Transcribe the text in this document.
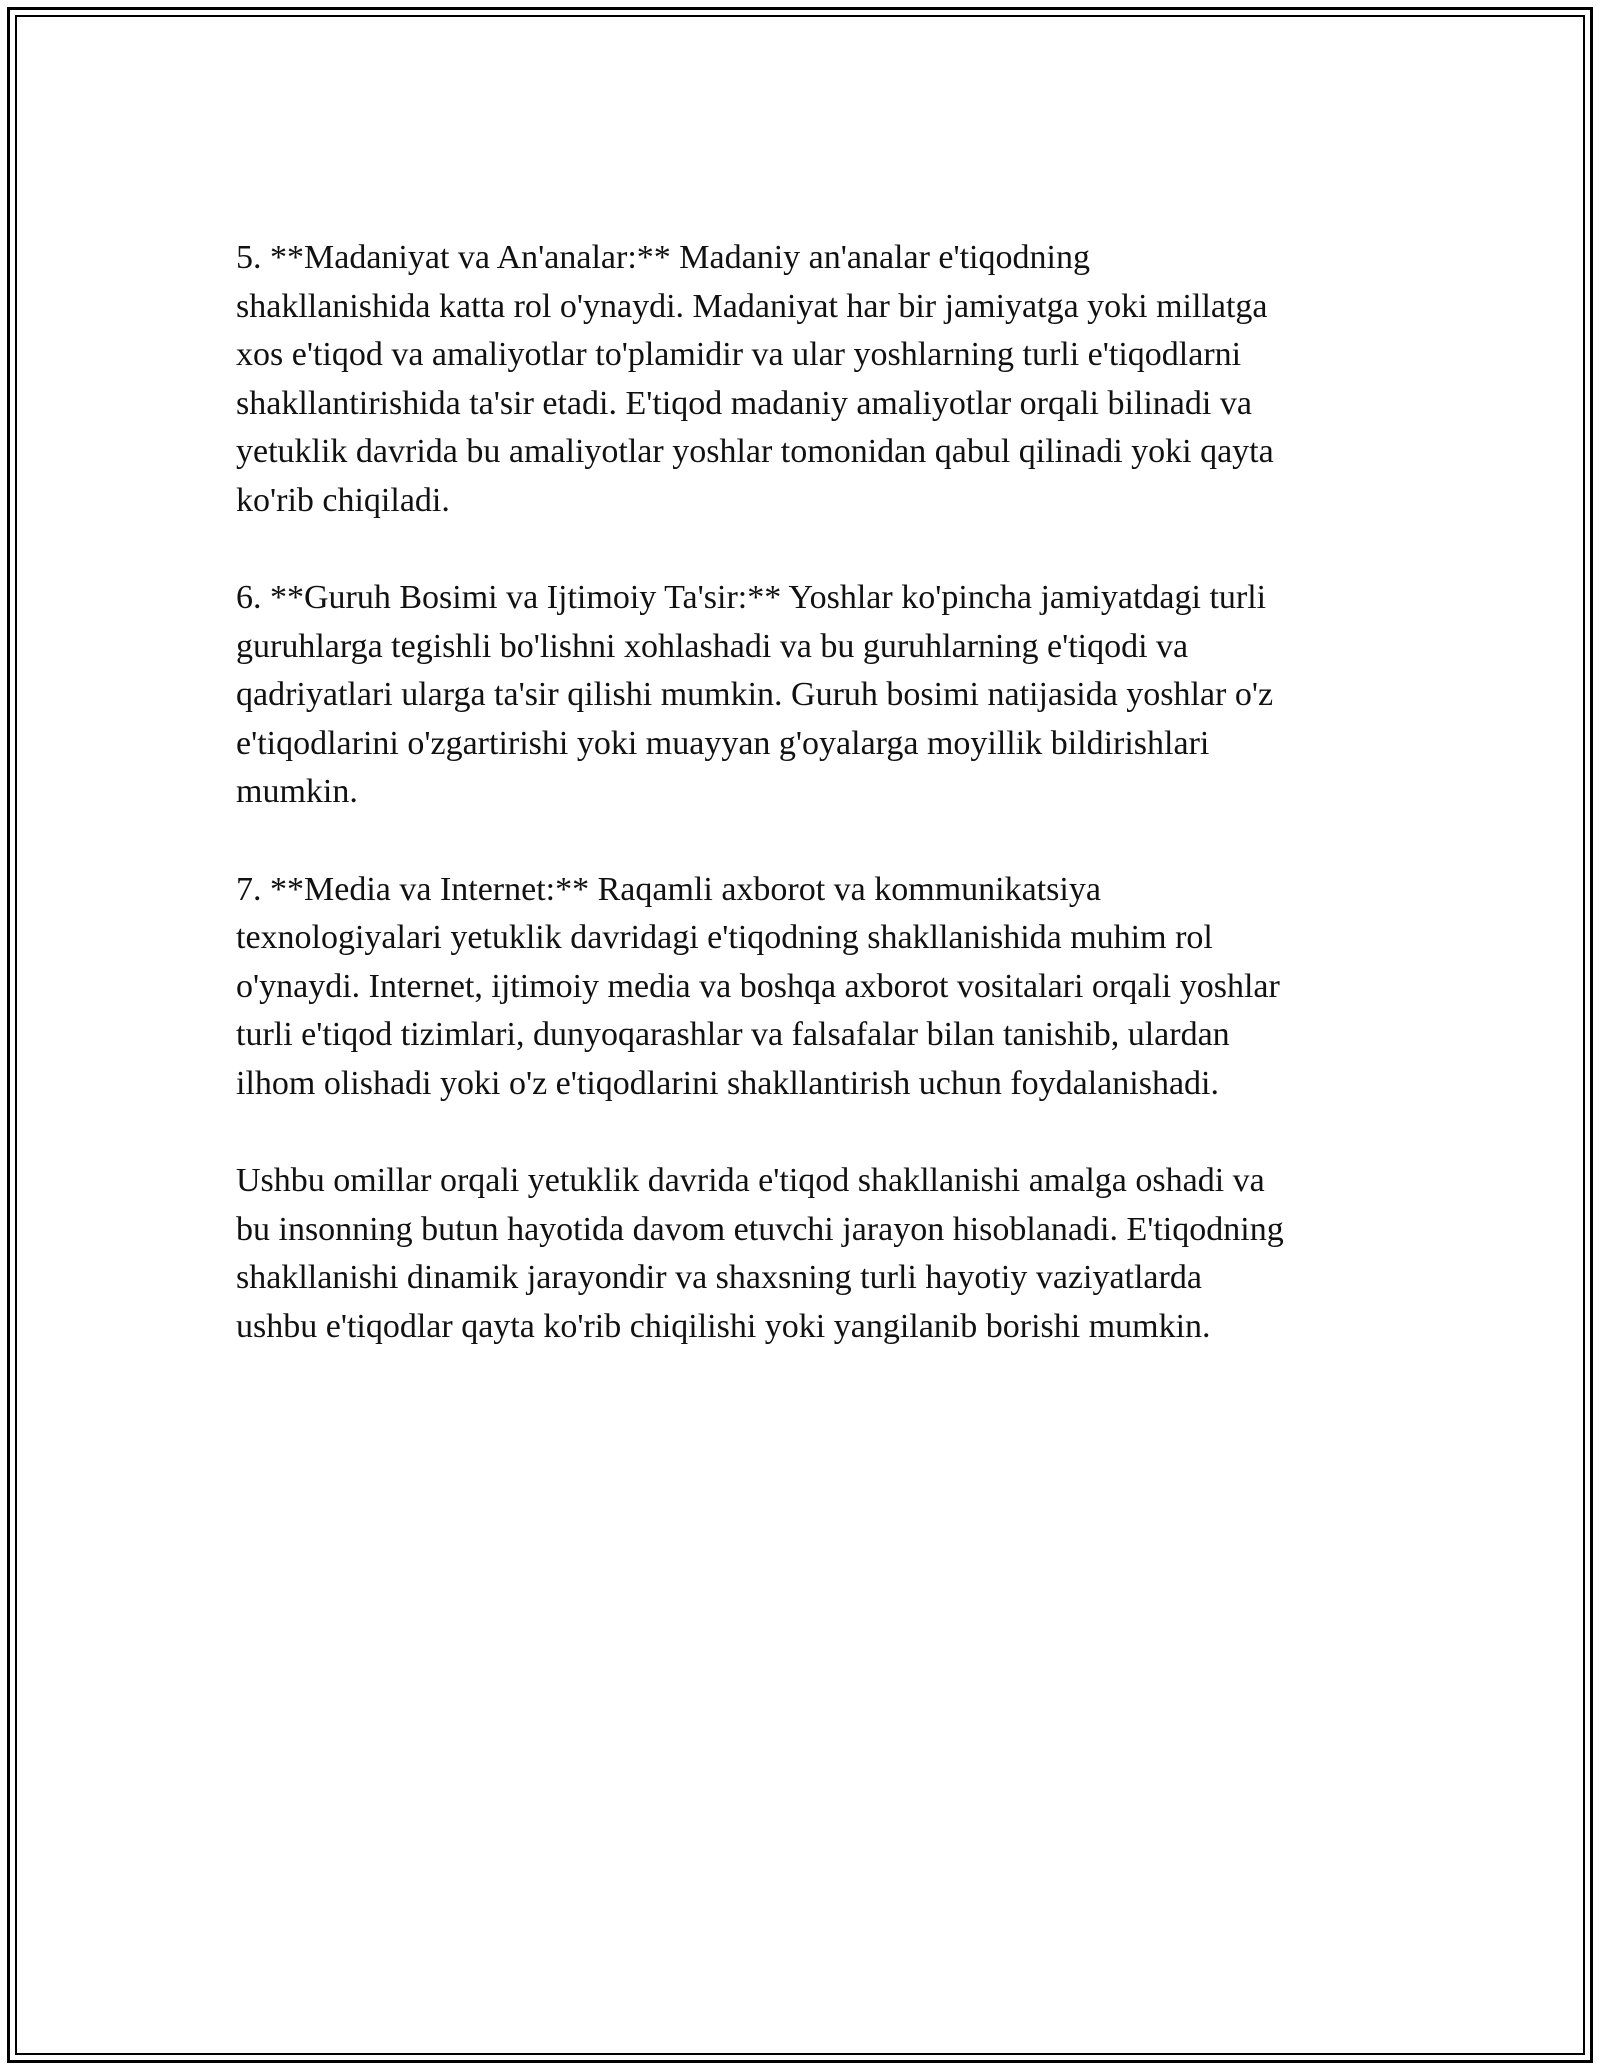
5. **Madaniyat va An'analar:** Madaniy an'analar e'tiqodning
shakllanishida katta rol o'ynaydi. Madaniyat har bir jamiyatga yoki millatga
xos e'tiqod va amaliyotlar to'plamidir va ular yoshlarning turli e'tiqodlarni
shakllantirishida ta'sir etadi. E'tiqod madaniy amaliyotlar orqali bilinadi va
yetuklik davrida bu amaliyotlar yoshlar tomonidan qabul qilinadi yoki qayta
ko'rib chiqiladi.

6. **Guruh Bosimi va Ijtimoiy Ta'sir:** Yoshlar ko'pincha jamiyatdagi turli
guruhlarga tegishli bo'lishni xohlashadi va bu guruhlarning e'tiqodi va
qadriyatlari ularga ta'sir qilishi mumkin. Guruh bosimi natijasida yoshlar o'z
e'tiqodlarini o'zgartirishi yoki muayyan g'oyalarga moyillik bildirishlari
mumkin.

7. **Media va Internet:** Raqamli axborot va kommunikatsiya
texnologiyalari yetuklik davridagi e'tiqodning shakllanishida muhim rol
o'ynaydi. Internet, ijtimoiy media va boshqa axborot vositalari orqali yoshlar
turli e'tiqod tizimlari, dunyoqarashlar va falsafalar bilan tanishib, ulardan
ilhom olishadi yoki o'z e'tiqodlarini shakllantirish uchun foydalanishadi.

Ushbu omillar orqali yetuklik davrida e'tiqod shakllanishi amalga oshadi va
bu insonning butun hayotida davom etuvchi jarayon hisoblanadi. E'tiqodning
shakllanishi dinamik jarayondir va shaxsning turli hayotiy vaziyatlarda
ushbu e'tiqodlar qayta ko'rib chiqilishi yoki yangilanib borishi mumkin.
